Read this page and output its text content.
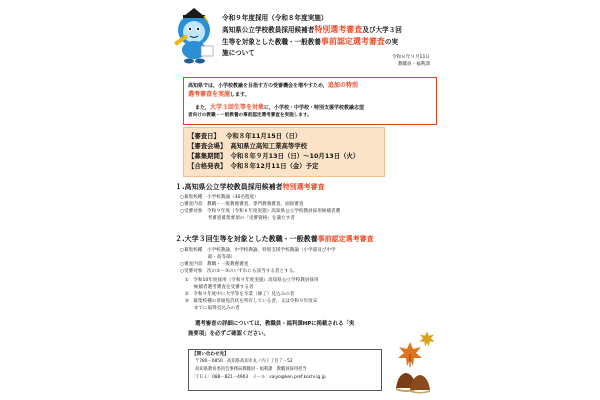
令和９年度採用（令和８年度実施）
高知県公立学校教員採用候補者特別選考審査及び大学３回
生等を対象とした教職・一般教養事前認定選考審査の実
施について
令和８年９月11日
教職員・福利課
高知県では，小学校教諭を目指す方の受審機会を増やすため，追加の特別
選考審査を実施します。
また，大学３回生等を対象に，小学校・中学校・特別支援学校教諭志望
者向けの教職・一般教養の事前認定選考審査を実施します。
【審査日】 令和８年11月15日（日）
【審査会場】 高知県立高知工業高等学校
【募集期間】 令和８年９月13日（日）～10月13日（火）
【合格発表】 令和８年12月11日（金）予定
１.高知県公立学校教員採用候補者特別選考審査
○募集校種　小学校教諭（30名程度）
○審査内容　教職・一般教養審査，専門教養審査，面接審査
○受審対象　令和９年度（令和８年度実施）高知県公立学校教員採用候補者選
　　　　　　考審査募集要項の「受審資格」を満たす者
２.大学３回生等を対象とした教職・一般教養事前認定選考審査
○募集校種　小学校教諭，中学校教諭，特別支援学校教諭（小学部及び中学
　　　　　　部・高等部）
○審査内容　教職・一般教養審査
○受審対象　次の①～③のいずれにも該当する者とする。
　①　令和10年度採用（令和９年度実施）高知県公立学校教員採用
　　　候補者選考審査を受審する者
　②　令和９年度中に大学等を卒業（修了）見込みの者
　③　募集校種の普通免許状を所有している者，又は令和９年度末
　　　までに取得見込みの者
選考審査の詳細については，教職員・福利課HPに掲載される「実
施要項」を必ずご確認ください。
【問い合わせ先】
〒780－0850　高知県高知市丸ノ内１丁目７－52
高知県教育委員会事務局教職員・福利課　教職員採用担当
ＴＥＬ：088－821－4903　メール：saiyo@ken.pref.kochi.lg.jp
